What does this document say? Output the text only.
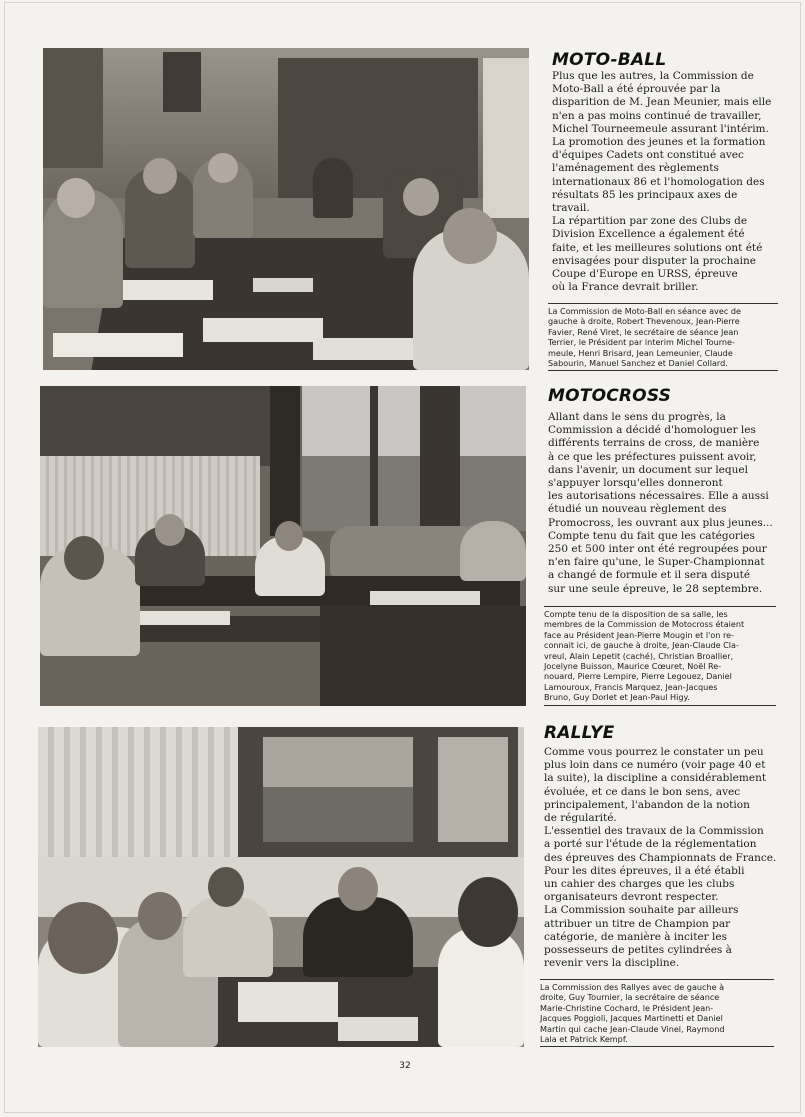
MOTO-BALL

Plus que les autres, la Commission de
Moto-Ball a été éprouvée par la
disparition de M. Jean Meunier, mais elle
n'en a pas moins continué de travailler,
Michel Tourneemeule assurant l'intérim.
La promotion des jeunes et la formation
d'équipes Cadets ont constitué avec
l'aménagement des règlements
internationaux 86 et l'homologation des
résultats 85 les principaux axes de
travail.
La répartition par zone des Clubs de
Division Excellence a également été
faite, et les meilleures solutions ont été
envisagées pour disputer la prochaine
Coupe d'Europe en URSS, épreuve
où la France devrait briller.

La Commission de Moto-Ball en séance avec de
gauche à droite, Robert Thevenoux, Jean-Pierre
Favier, René Viret, le secrétaire de séance Jean
Terrier, le Président par interim Michel Tourne-
meule, Henri Brisard, Jean Lemeunier, Claude
Sabourin, Manuel Sanchez et Daniel Collard.

MOTOCROSS

Allant dans le sens du progrès, la
Commission a décidé d'homologuer les
différents terrains de cross, de manière
à ce que les préfectures puissent avoir,
dans l'avenir, un document sur lequel
s'appuyer lorsqu'elles donneront
les autorisations nécessaires. Elle a aussi
étudié un nouveau règlement des
Promocross, les ouvrant aux plus jeunes...
Compte tenu du fait que les catégories
250 et 500 inter ont été regroupées pour
n'en faire qu'une, le Super-Championnat
a changé de formule et il sera disputé
sur une seule épreuve, le 28 septembre.

Compte tenu de la disposition de sa salle, les
membres de la Commission de Motocross étaient
face au Président Jean-Pierre Mougin et l'on re-
connait ici, de gauche à droite, Jean-Claude Cla-
vreul, Alain Lepetit (caché), Christian Broallier,
Jocelyne Buisson, Maurice Cœuret, Noël Re-
nouard, Pierre Lempire, Pierre Legouez, Daniel
Lamouroux, Francis Marquez, Jean-Jacques
Bruno, Guy Dorlet et Jean-Paul Higy.

RALLYE

Comme vous pourrez le constater un peu
plus loin dans ce numéro (voir page 40 et
la suite), la discipline a considérablement
évoluée, et ce dans le bon sens, avec
principalement, l'abandon de la notion
de régularité.
L'essentiel des travaux de la Commission
a porté sur l'étude de la réglementation
des épreuves des Championnats de France.
Pour les dites épreuves, il a été établi
un cahier des charges que les clubs
organisateurs devront respecter.
La Commission souhaite par ailleurs
attribuer un titre de Champion par
catégorie, de manière à inciter les
possesseurs de petites cylindrées à
revenir vers la discipline.

La Commission des Rallyes avec de gauche à
droite, Guy Tournier, la secrétaire de séance
Marie-Christine Cochard, le Président Jean-
Jacques Poggioli, Jacques Martinetti et Daniel
Martin qui cache Jean-Claude Vinel, Raymond
Lala et Patrick Kempf.

32
